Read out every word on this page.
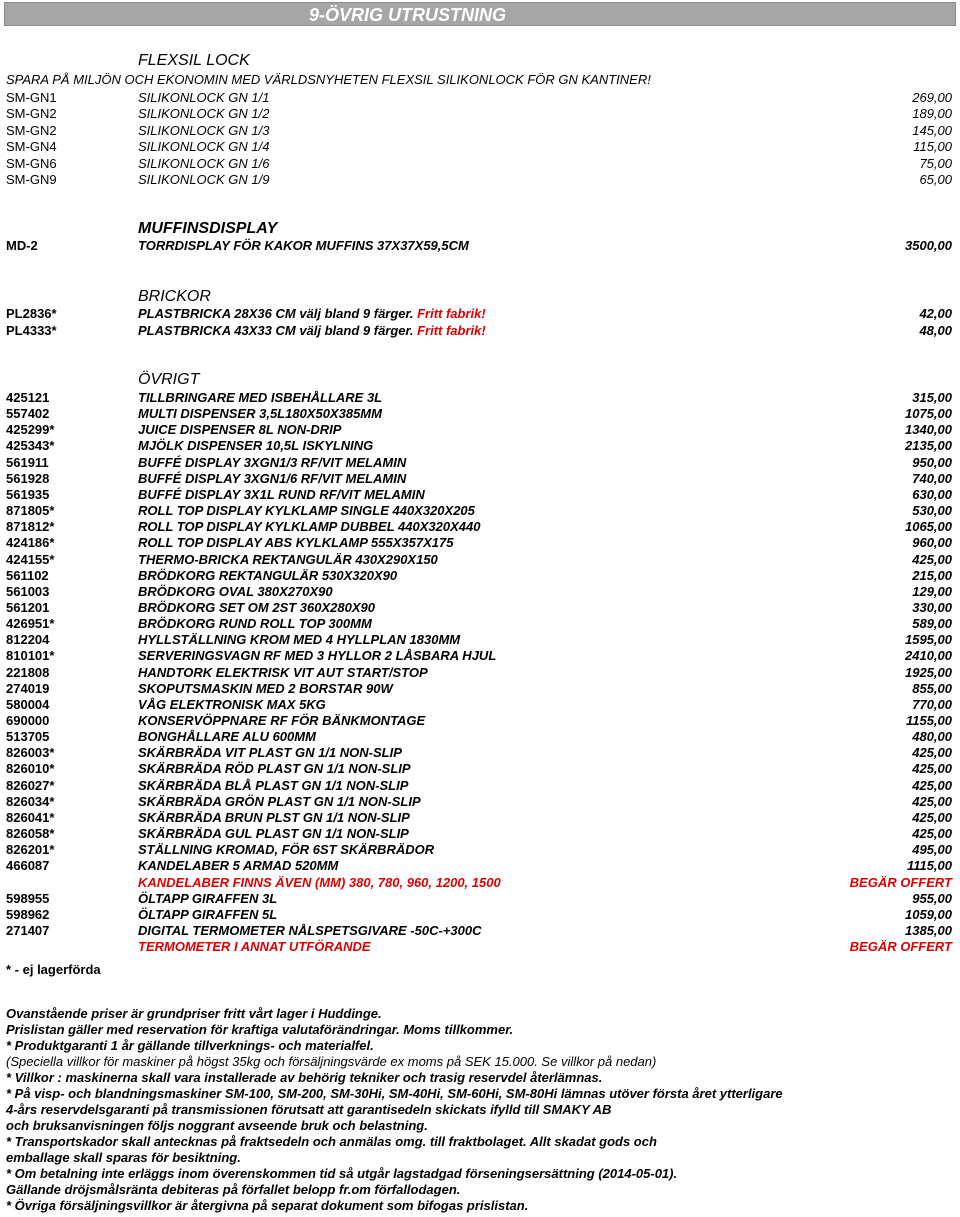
9-ÖVRIG UTRUSTNING
FLEXSIL LOCK
SPARA PÅ MILJÖN OCH EKONOMIN MED VÄRLDSNYHETEN FLEXSIL SILIKONLOCK FÖR GN KANTINER!
SM-GN1	SILIKONLOCK GN 1/1	269,00
SM-GN2	SILIKONLOCK GN 1/2	189,00
SM-GN2	SILIKONLOCK GN 1/3	145,00
SM-GN4	SILIKONLOCK GN 1/4	115,00
SM-GN6	SILIKONLOCK GN 1/6	75,00
SM-GN9	SILIKONLOCK GN 1/9	65,00
MUFFINSDISPLAY
MD-2	TORRDISPLAY FÖR KAKOR MUFFINS 37X37X59,5CM	3500,00
BRICKOR
PL2836*	PLASTBRICKA 28X36 CM välj bland 9 färger. Fritt fabrik!	42,00
PL4333*	PLASTBRICKA 43X33 CM välj bland 9 färger. Fritt fabrik!	48,00
ÖVRIGT
425121	TILLBRINGARE MED ISBEHÅLLARE 3L	315,00
557402	MULTI DISPENSER 3,5L180X50X385MM	1075,00
425299*	JUICE DISPENSER 8L NON-DRIP	1340,00
425343*	MJÖLK DISPENSER 10,5L ISKYLNING	2135,00
561911	BUFFÉ DISPLAY 3XGN1/3 RF/VIT MELAMIN	950,00
561928	BUFFÉ DISPLAY 3XGN1/6 RF/VIT MELAMIN	740,00
561935	BUFFÉ DISPLAY 3X1L RUND RF/VIT MELAMIN	630,00
871805*	ROLL TOP DISPLAY KYLKLAMP SINGLE 440X320X205	530,00
871812*	ROLL TOP DISPLAY KYLKLAMP DUBBEL 440X320X440	1065,00
424186*	ROLL TOP DISPLAY ABS KYLKLAMP 555X357X175	960,00
424155*	THERMO-BRICKA REKTANGULÄR 430X290X150	425,00
561102	BRÖDKORG REKTANGULÄR 530X320X90	215,00
561003	BRÖDKORG OVAL 380X270X90	129,00
561201	BRÖDKORG SET OM 2ST 360X280X90	330,00
426951*	BRÖDKORG RUND ROLL TOP 300MM	589,00
812204	HYLLSTÄLLNING KROM MED 4 HYLLPLAN 1830MM	1595,00
810101*	SERVERINGSVAGN RF MED 3 HYLLOR 2 LÅSBARA HJUL	2410,00
221808	HANDTORK ELEKTRISK VIT AUT START/STOP	1925,00
274019	SKOPUTSMASKIN MED 2 BORSTAR 90W	855,00
580004	VÅG ELEKTRONISK MAX 5KG	770,00
690000	KONSERVÖPPNARE RF FÖR BÄNKMONTAGE	1155,00
513705	BONGHÅLLARE ALU 600MM	480,00
826003*	SKÄRBRÄDA VIT PLAST GN 1/1 NON-SLIP	425,00
826010*	SKÄRBRÄDA RÖD PLAST GN 1/1 NON-SLIP	425,00
826027*	SKÄRBRÄDA BLÅ PLAST GN 1/1 NON-SLIP	425,00
826034*	SKÄRBRÄDA GRÖN PLAST GN 1/1 NON-SLIP	425,00
826041*	SKÄRBRÄDA BRUN PLST GN 1/1 NON-SLIP	425,00
826058*	SKÄRBRÄDA GUL PLAST GN 1/1 NON-SLIP	425,00
826201*	STÄLLNING KROMAD, FÖR 6ST SKÄRBRÄDOR	495,00
466087	KANDELABER 5 ARMAD 520MM	1115,00
KANDELABER FINNS ÄVEN (MM) 380, 780, 960, 1200, 1500	BEGÄR OFFERT
598955	ÖLTAPP GIRAFFEN 3L	955,00
598962	ÖLTAPP GIRAFFEN 5L	1059,00
271407	DIGITAL TERMOMETER NÅLSPETSGIVARE -50C-+300C	1385,00
TERMOMETER I ANNAT UTFÖRANDE	BEGÄR OFFERT
* - ej lagerförda
Ovanstående priser är grundpriser fritt vårt lager i Huddinge.
Prislistan gäller med reservation för kraftiga valutaförändringar. Moms tillkommer.
* Produktgaranti 1 år gällande tillverknings- och materialfel.
(Speciella villkor för maskiner på högst 35kg och försäljningsvärde ex moms på SEK 15.000. Se villkor på nedan)
* Villkor : maskinerna skall vara installerade av behörig tekniker och trasig reservdel återlämnas.
* På visp- och blandningsmaskiner SM-100, SM-200, SM-30Hi, SM-40Hi, SM-60Hi, SM-80Hi lämnas utöver första året ytterligare
4-års reservdelsgaranti på transmissionen förutsatt att garantisedeln skickats ifylld till SMAKY AB
och bruksanvisningen följs noggrant avseende bruk och belastning.
* Transportskador skall antecknas på fraktsedeln och anmälas omg. till fraktbolaget. Allt skadat gods och
emballage skall sparas för besiktning.
* Om betalning inte erläggs inom överenskommen tid så utgår lagstadgad förseningsersättning (2014-05-01).
Gällande dröjsmålsränta debiteras på förfallet belopp fr.om förfallodagen.
* Övriga försäljningsvillkor är återgivna på separat dokument som bifogas prislistan.
